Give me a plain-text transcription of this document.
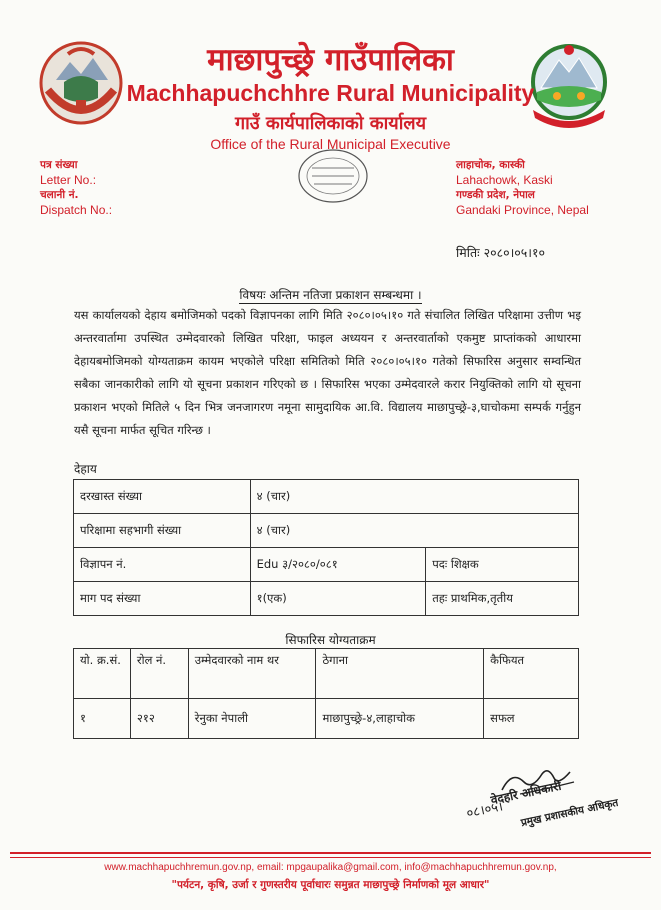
माछापुच्छ्रे गाउँपालिका
Machhapuchchhre Rural Municipality
गाउँ कार्यपालिकाको कार्यालय
Office of the Rural Municipal Executive
पत्र संख्या
Letter No.:
चलानी नं.
Dispatch No.:
लाहाचोक, कास्की
Lahachowk, Kaski
गण्डकी प्रदेश, नेपाल
Gandaki Province, Nepal
मितिः २०८०।०५।१०
विषयः अन्तिम नतिजा प्रकाशन सम्बन्धमा ।
यस कार्यालयको देहाय बमोजिमको पदको विज्ञापनका लागि मिति २०८०।०५।१० गते संचालित लिखित परिक्षामा उत्तीण भइ अन्तरवार्तामा उपस्थित उम्मेदवारको लिखित परिक्षा, फाइल अध्ययन र अन्तरवार्ताको एकमुष्ट प्राप्तांकको आधारमा देहायबमोजिमको योग्यताक्रम कायम भएकोले परिक्षा समितिको मिति २०८०।०५।१० गतेको सिफारिस अनुसार सम्वन्धित सबैका जानकारीको लागि यो सूचना प्रकाशन गरिएको छ । सिफारिस भएका उम्मेदवारले करार नियुक्तिको लागि यो सूचना प्रकाशन भएको मितिले ५ दिन भित्र जनजागरण नमूना सामुदायिक आ.वि. विद्यालय माछापुच्छ्रे-३,घाचोकमा सम्पर्क गर्नुहुन यसै सूचना मार्फत सूचित गरिन्छ ।
देहाय
दरखास्त संख्या	४ (चार)	
परिक्षामा सहभागी संख्या	४ (चार)	
विज्ञापन नं.	Edu ३/२०८०/०८१	पदः शिक्षक
माग पद संख्या	१(एक)	तहः प्राथमिक,तृतीय
सिफारिस योग्यताक्रम
यो. क्र.सं.	रोल नं.	उम्मेदवारको नाम थर	ठेगाना	कैफियत
१	२१२	रेनुका नेपाली	माछापुच्छ्रे-४,लाहाचोक	सफल
०८।०५।
वेदहरि अधिकारी
प्रमुख प्रशासकीय अधिकृत
www.machhapuchhremun.gov.np, email: mpgaupalika@gmail.com, info@machhapuchhremun.gov.np,
"पर्यटन, कृषि, उर्जा र गुणस्तरीय पूर्वाधारः समुन्नत माछापुच्छ्रे निर्माणको मूल आधार"
